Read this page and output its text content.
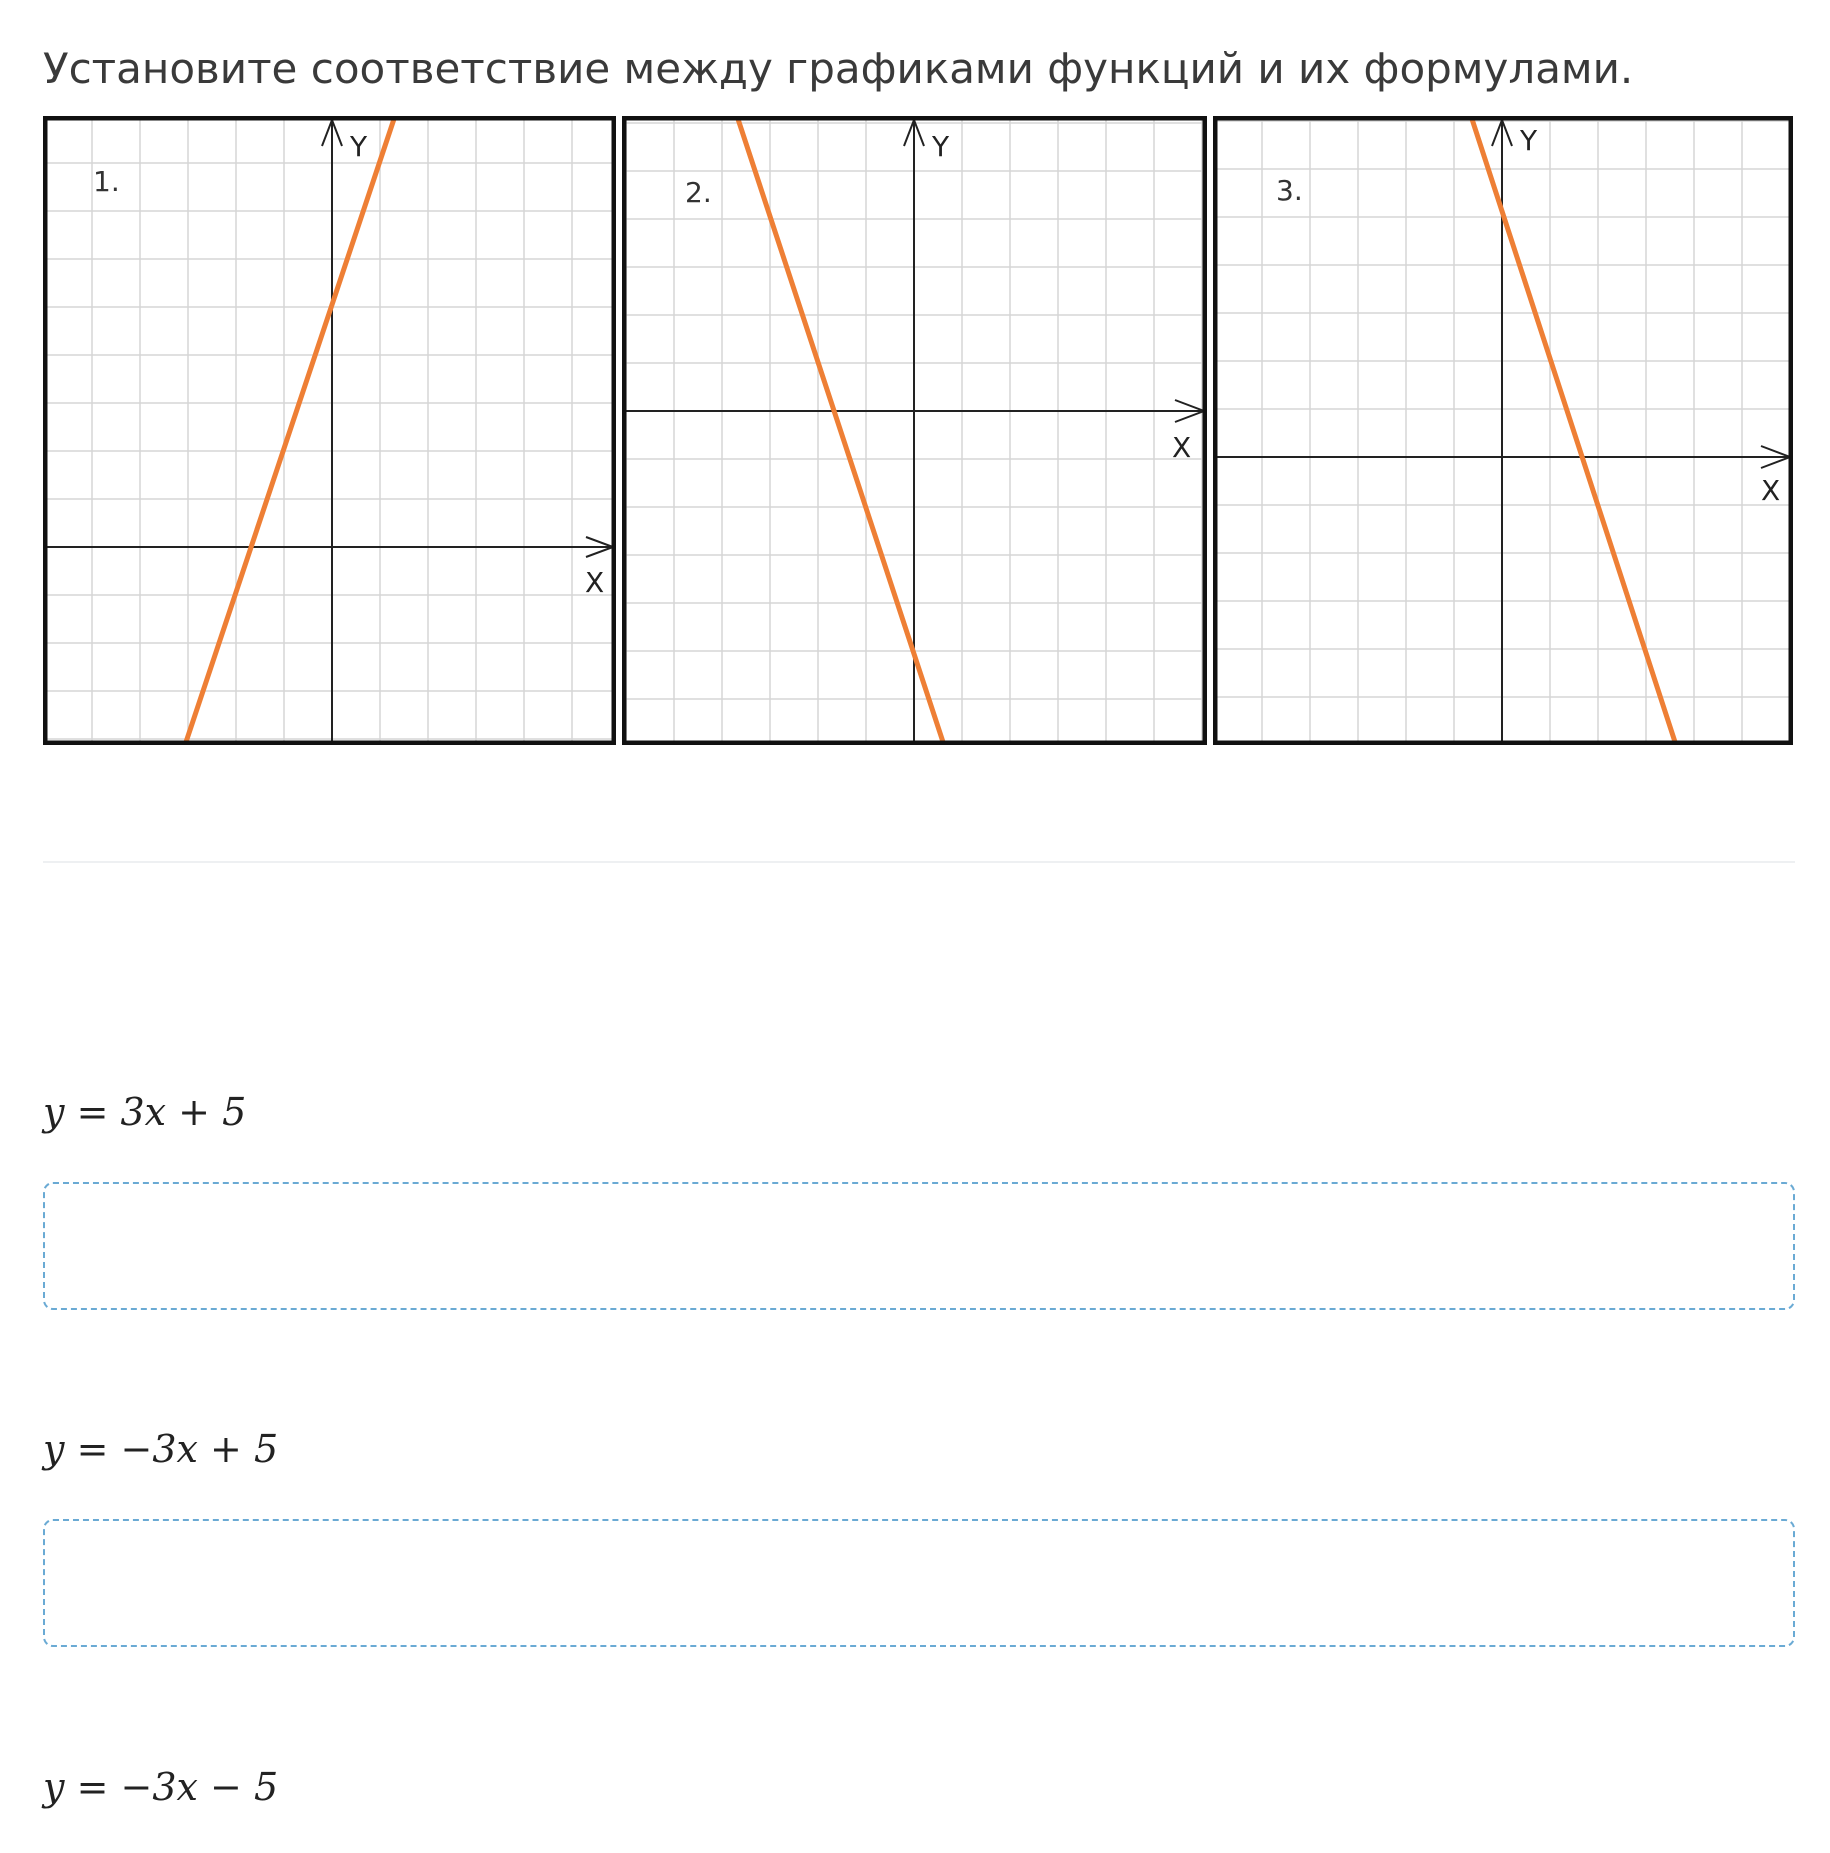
Установите соответствие между графиками функций и их формулами.
1.
Y
X
2.
Y
X
3.
Y
X
y = 3x + 5
y = −3x + 5
y = −3x − 5
